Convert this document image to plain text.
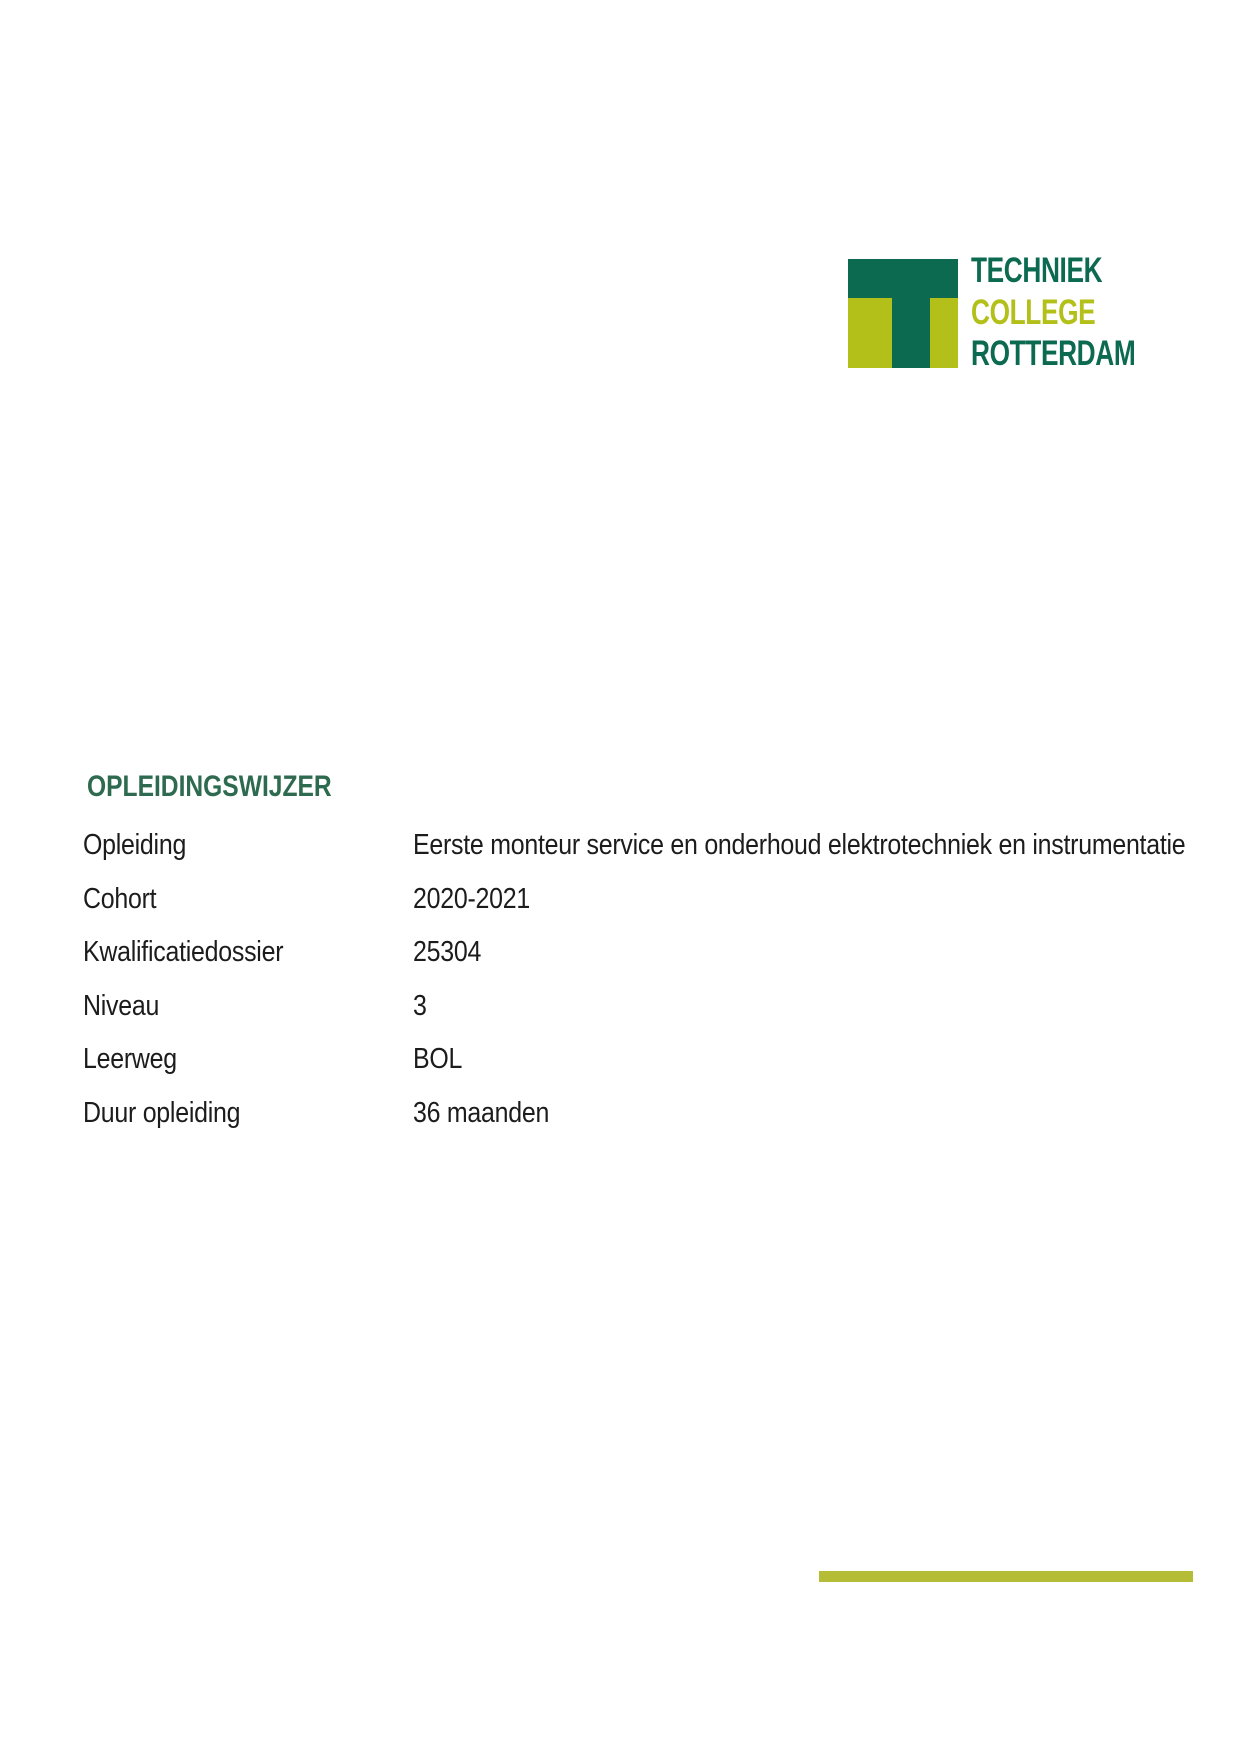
TECHNIEK
COLLEGE
ROTTERDAM
OPLEIDINGSWIJZER
Opleiding	Eerste monteur service en onderhoud elektrotechniek en instrumentatie
Cohort	2020-2021
Kwalificatiedossier	25304
Niveau	3
Leerweg	BOL
Duur opleiding	36 maanden
